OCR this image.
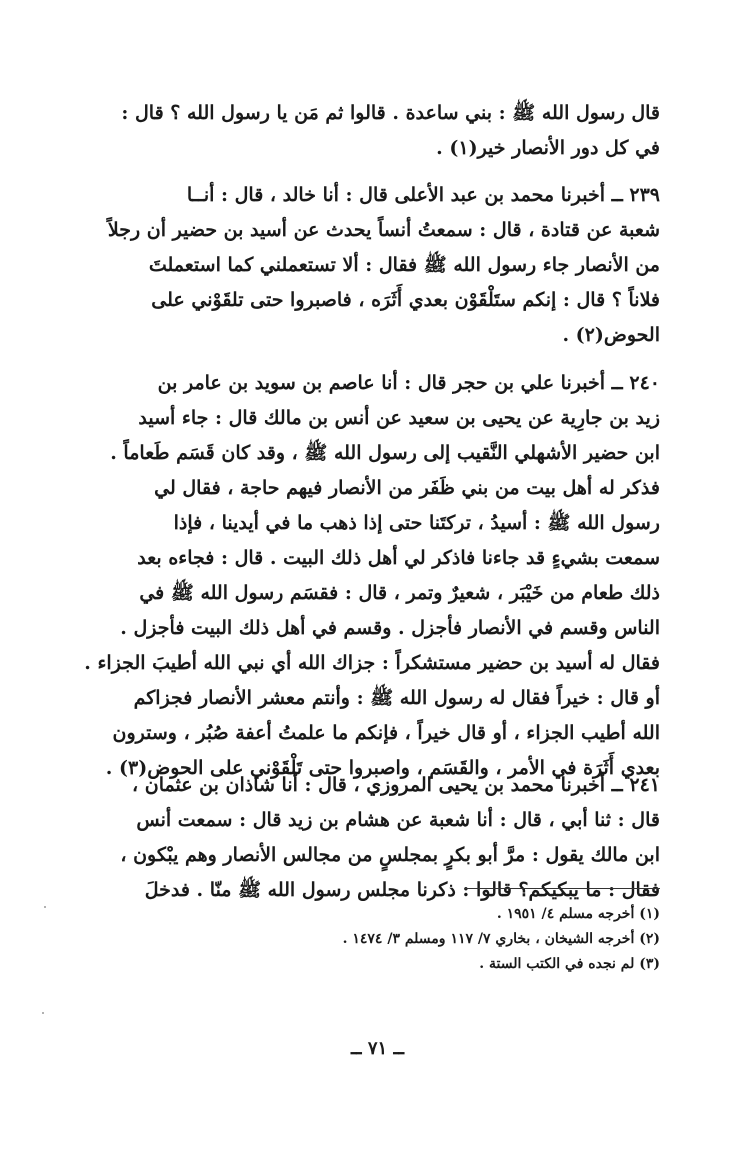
قال رسول الله ﷺ : بني ساعدة . قالوا ثم مَن يا رسول الله ؟ قال :
في كل دور الأنصار خير(١) .
٢٣٩ ــ أخبرنا محمد بن عبد الأعلى قال : أنا خالد ، قال : أنــا
شعبة عن قتادة ، قال : سمعتُ أنساً يحدث عن أسيد بن حضير أن رجلاً
من الأنصار جاء رسول الله ﷺ فقال : ألا تستعملني كما استعملتَ
فلاناً ؟ قال : إنكم ستَلْقَوْن بعدي أَثَرَه ، فاصبروا حتى تلقَوْني على
الحوض(٢) .
٢٤٠ ــ أخبرنا علي بن حجر قال : أنا عاصم بن سويد بن عامر بن
زيد بن جارِية عن يحيى بن سعيد عن أنس بن مالك قال : جاء أسيد
ابن حضير الأشهلي النَّقيب إلى رسول الله ﷺ ، وقد كان قَسَم طَعاماً .
فذكر له أهل بيت من بني ظَفَر من الأنصار فيهم حاجة ، فقال لي
رسول الله ﷺ : أسيدُ ، تركتَنا حتى إذا ذهب ما في أيدينا ، فإذا
سمعت بشيءٍ قد جاءنا فاذكر لي أهل ذلك البيت . قال : فجاءه بعد
ذلك طعام من خَيْبَر ، شعيرٌ وتمر ، قال : فقسَم رسول الله ﷺ في
الناس وقسم في الأنصار فأجزل . وقسم في أهل ذلك البيت فأجزل .
فقال له أسيد بن حضير مستشكراً : جزاك الله أي نبي الله أطيبَ الجزاء .
أو قال : خيراً فقال له رسول الله ﷺ : وأنتم معشر الأنصار فجزاكم
الله أطيب الجزاء ، أو قال خيراً ، فإنكم ما علمتُ أعفة صُبُر ، وسترون
بعدي أَثَرَة في الأمر ، والقَسَم ، واصبروا حتى تَلْقَوْني على الحوض(٣) .
٢٤١ ــ أخبرنا محمد بن يحيى المروزي ، قال : أنا شاذان بن عثمان ،
قال : ثنا أبي ، قال : أنا شعبة عن هشام بن زيد قال : سمعت أنس
ابن مالك يقول : مرَّ أبو بكرٍ بمجلسٍ من مجالس الأنصار وهم يبْكون ،
فقال : ما يبكيكم؟ قالوا : ذكرنا مجلس رسول الله ﷺ منّا . فدخلَ
(١) أخرجه مسلم ٤/ ١٩٥١ .
(٢) أخرجه الشيخان ، بخاري ٧/ ١١٧ ومسلم ٣/ ١٤٧٤ .
(٣) لم نجده في الكتب الستة .
ــ ٧١ ــ
